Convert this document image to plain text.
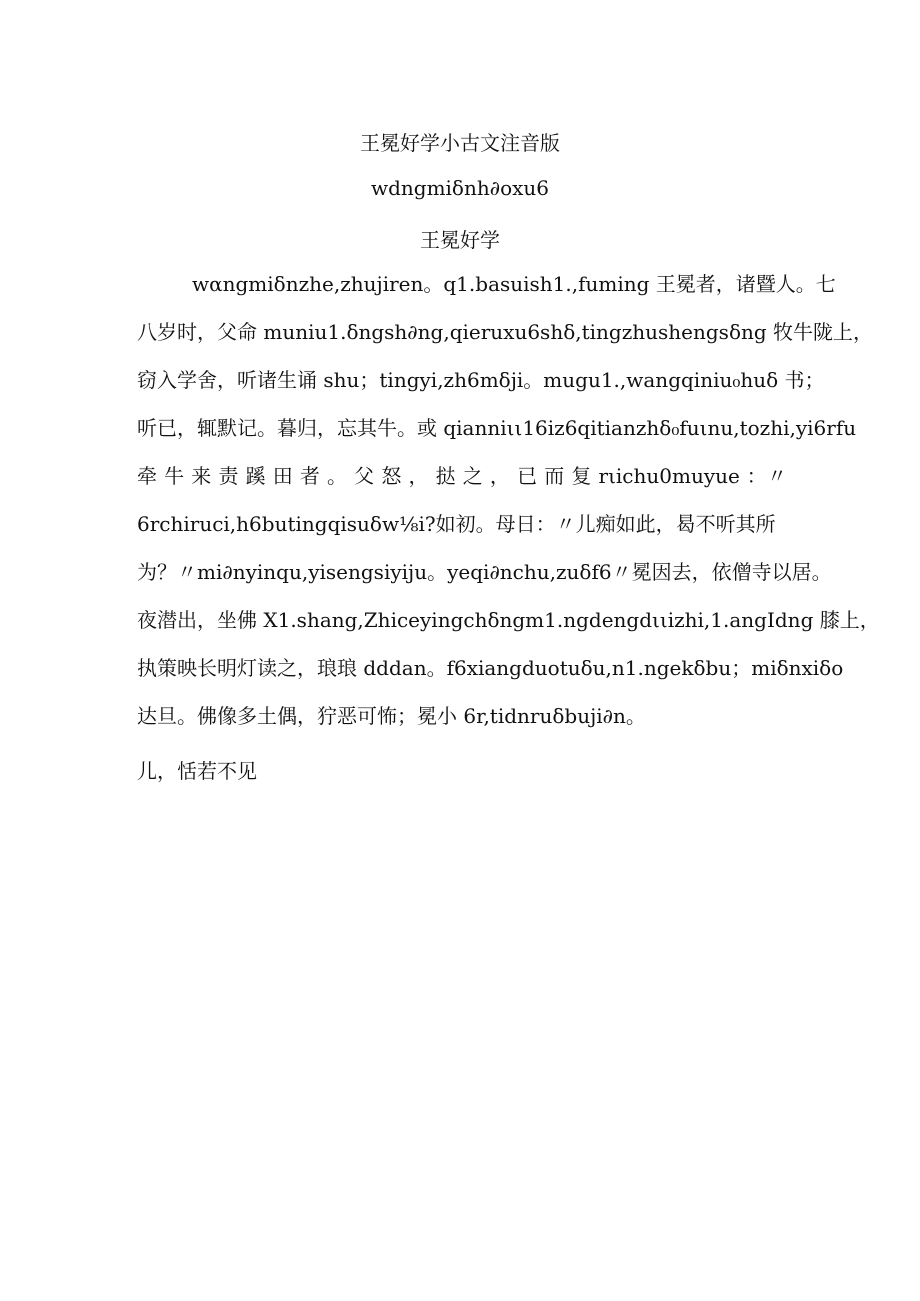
王冕好学小古文注音版
wdngmiδnh∂oxu6
王冕好学
wαngmiδnzhe,zhujiren。q1.basuish1.,fuming 王冕者，诸暨人。七
八岁时，父命 muniu1.δngsh∂ng,qieruxu6shδ,tingzhushengsδng 牧牛陇上，
窃入学舍，听诸生诵 shu；tingyi,zh6mδji。mugu1.,wangqiniu₀huδ 书；
听已，辄默记。暮归，忘其牛。或 qianniιι16iz6qitianzhδ₀fuιnu,tozhi,yi6rfu
牵 牛 来 责 蹊 田 者 。 父 怒 ， 挞 之 ， 已 而 复 rιichu0muyue ：〃
6rchiruci,h6butingqisuδw⅛i?如初。母日：〃儿痴如此，曷不听其所
为？〃mi∂nyinqu,yisengsiyiju。yeqi∂nchu,zuδf6〃冕因去，依僧寺以居。
夜潜出，坐佛 X1.shang,Zhiceyingchδngm1.ngdengdιιizhi,1.angIdng 膝上，
执策映长明灯读之，琅琅 dddan。f6xiangduotuδu,n1.ngekδbu；miδnxiδo
达旦。佛像多土偶，狞恶可怖；冕小 6r,tidnruδbuji∂n。
儿，恬若不见
